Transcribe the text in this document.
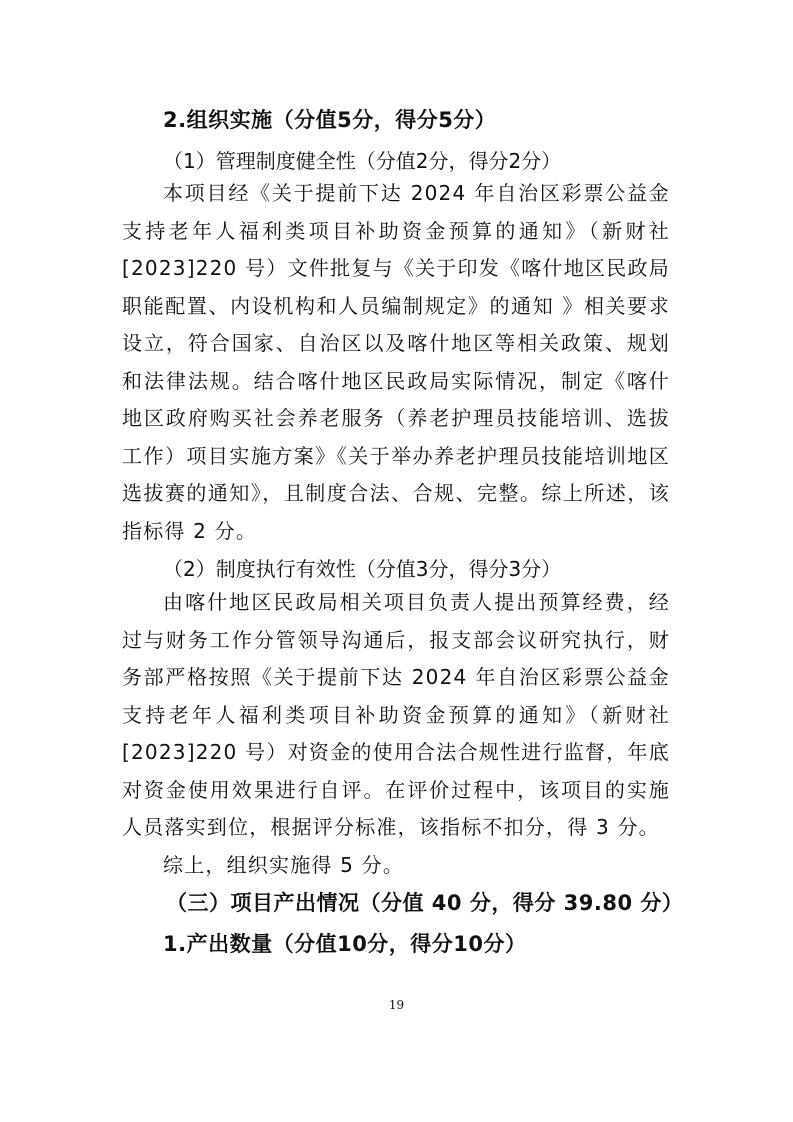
2.组织实施（分值5分，得分5分）
（1）管理制度健全性（分值2分，得分2分）
本项目经《关于提前下达 2024 年自治区彩票公益金支持老年人福利类项目补助资金预算的通知》（新财社[2023]220 号）文件批复与《关于印发《喀什地区民政局职能配置、内设机构和人员编制规定》的通知 》相关要求设立，符合国家、自治区以及喀什地区等相关政策、规划和法律法规。结合喀什地区民政局实际情况，制定《喀什地区政府购买社会养老服务（养老护理员技能培训、选拔工作）项目实施方案》《关于举办养老护理员技能培训地区选拔赛的通知》，且制度合法、合规、完整。综上所述，该指标得 2 分。
（2）制度执行有效性（分值3分，得分3分）
由喀什地区民政局相关项目负责人提出预算经费，经过与财务工作分管领导沟通后，报支部会议研究执行，财务部严格按照《关于提前下达 2024 年自治区彩票公益金支持老年人福利类项目补助资金预算的通知》（新财社[2023]220 号）对资金的使用合法合规性进行监督，年底对资金使用效果进行自评。在评价过程中，该项目的实施人员落实到位，根据评分标准，该指标不扣分，得 3 分。
综上，组织实施得 5 分。
（三）项目产出情况（分值 40 分，得分 39.80 分）
1.产出数量（分值10分，得分10分）
19
